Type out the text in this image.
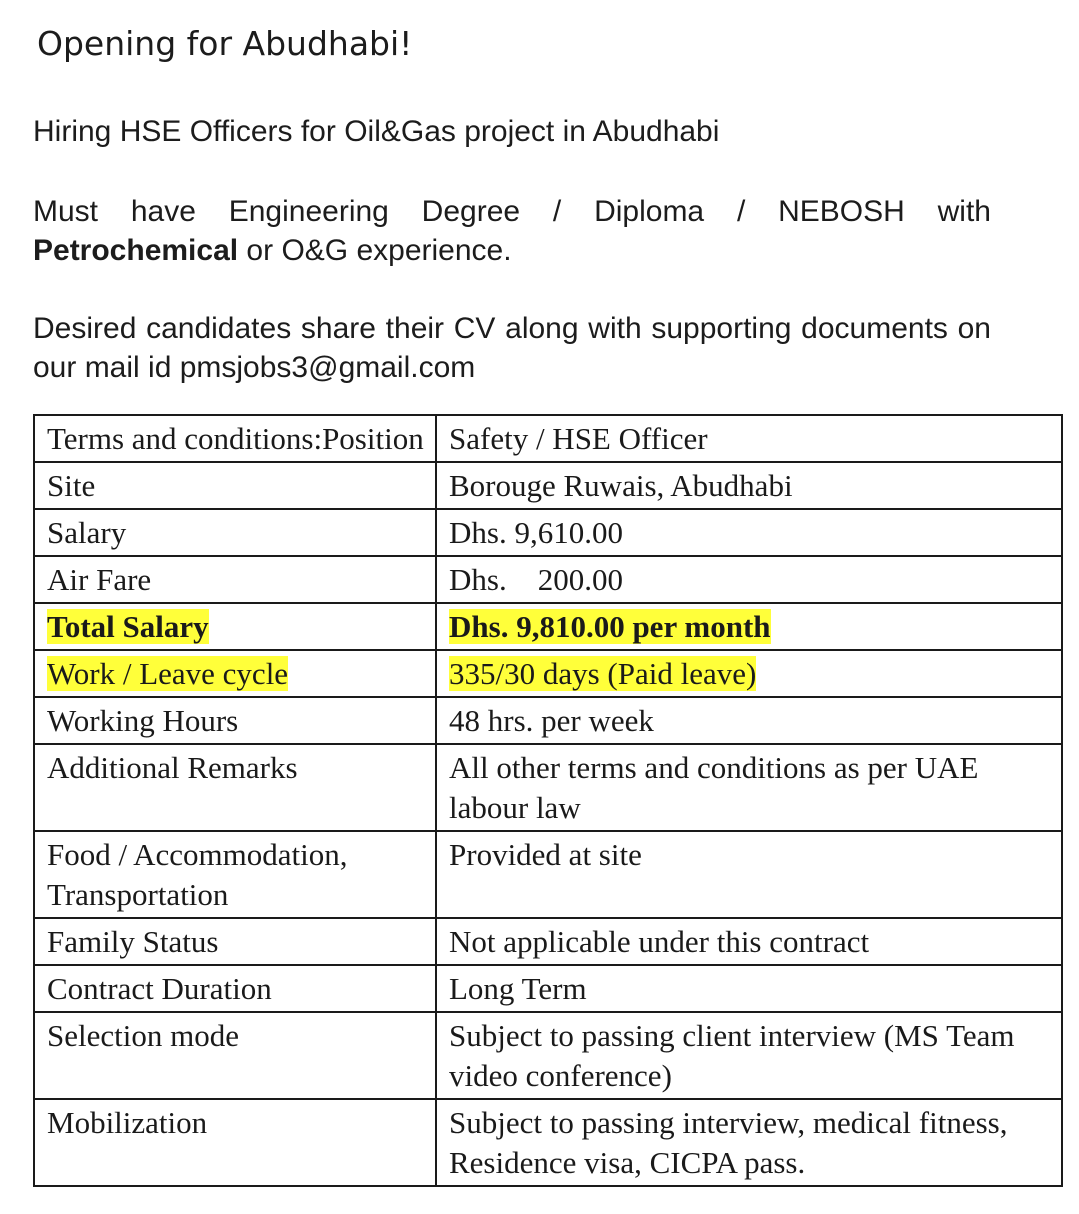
Opening for Abudhabi!

Hiring HSE Officers for Oil&Gas project in Abudhabi

Must have Engineering Degree / Diploma / NEBOSH with Petrochemical or O&G experience.

Desired candidates share their CV along with supporting documents on our mail id pmsjobs3@gmail.com

Terms and conditions:Position	Safety / HSE Officer
Site	Borouge Ruwais, Abudhabi
Salary	Dhs. 9,610.00
Air Fare	Dhs.    200.00
Total Salary	Dhs. 9,810.00 per month
Work / Leave cycle	335/30 days (Paid leave)
Working Hours	48 hrs. per week
Additional Remarks	All other terms and conditions as per UAE labour law
Food / Accommodation, Transportation	Provided at site
Family Status	Not applicable under this contract
Contract Duration	Long Term
Selection mode	Subject to passing client interview (MS Team video conference)
Mobilization	Subject to passing interview, medical fitness, Residence visa, CICPA pass.
